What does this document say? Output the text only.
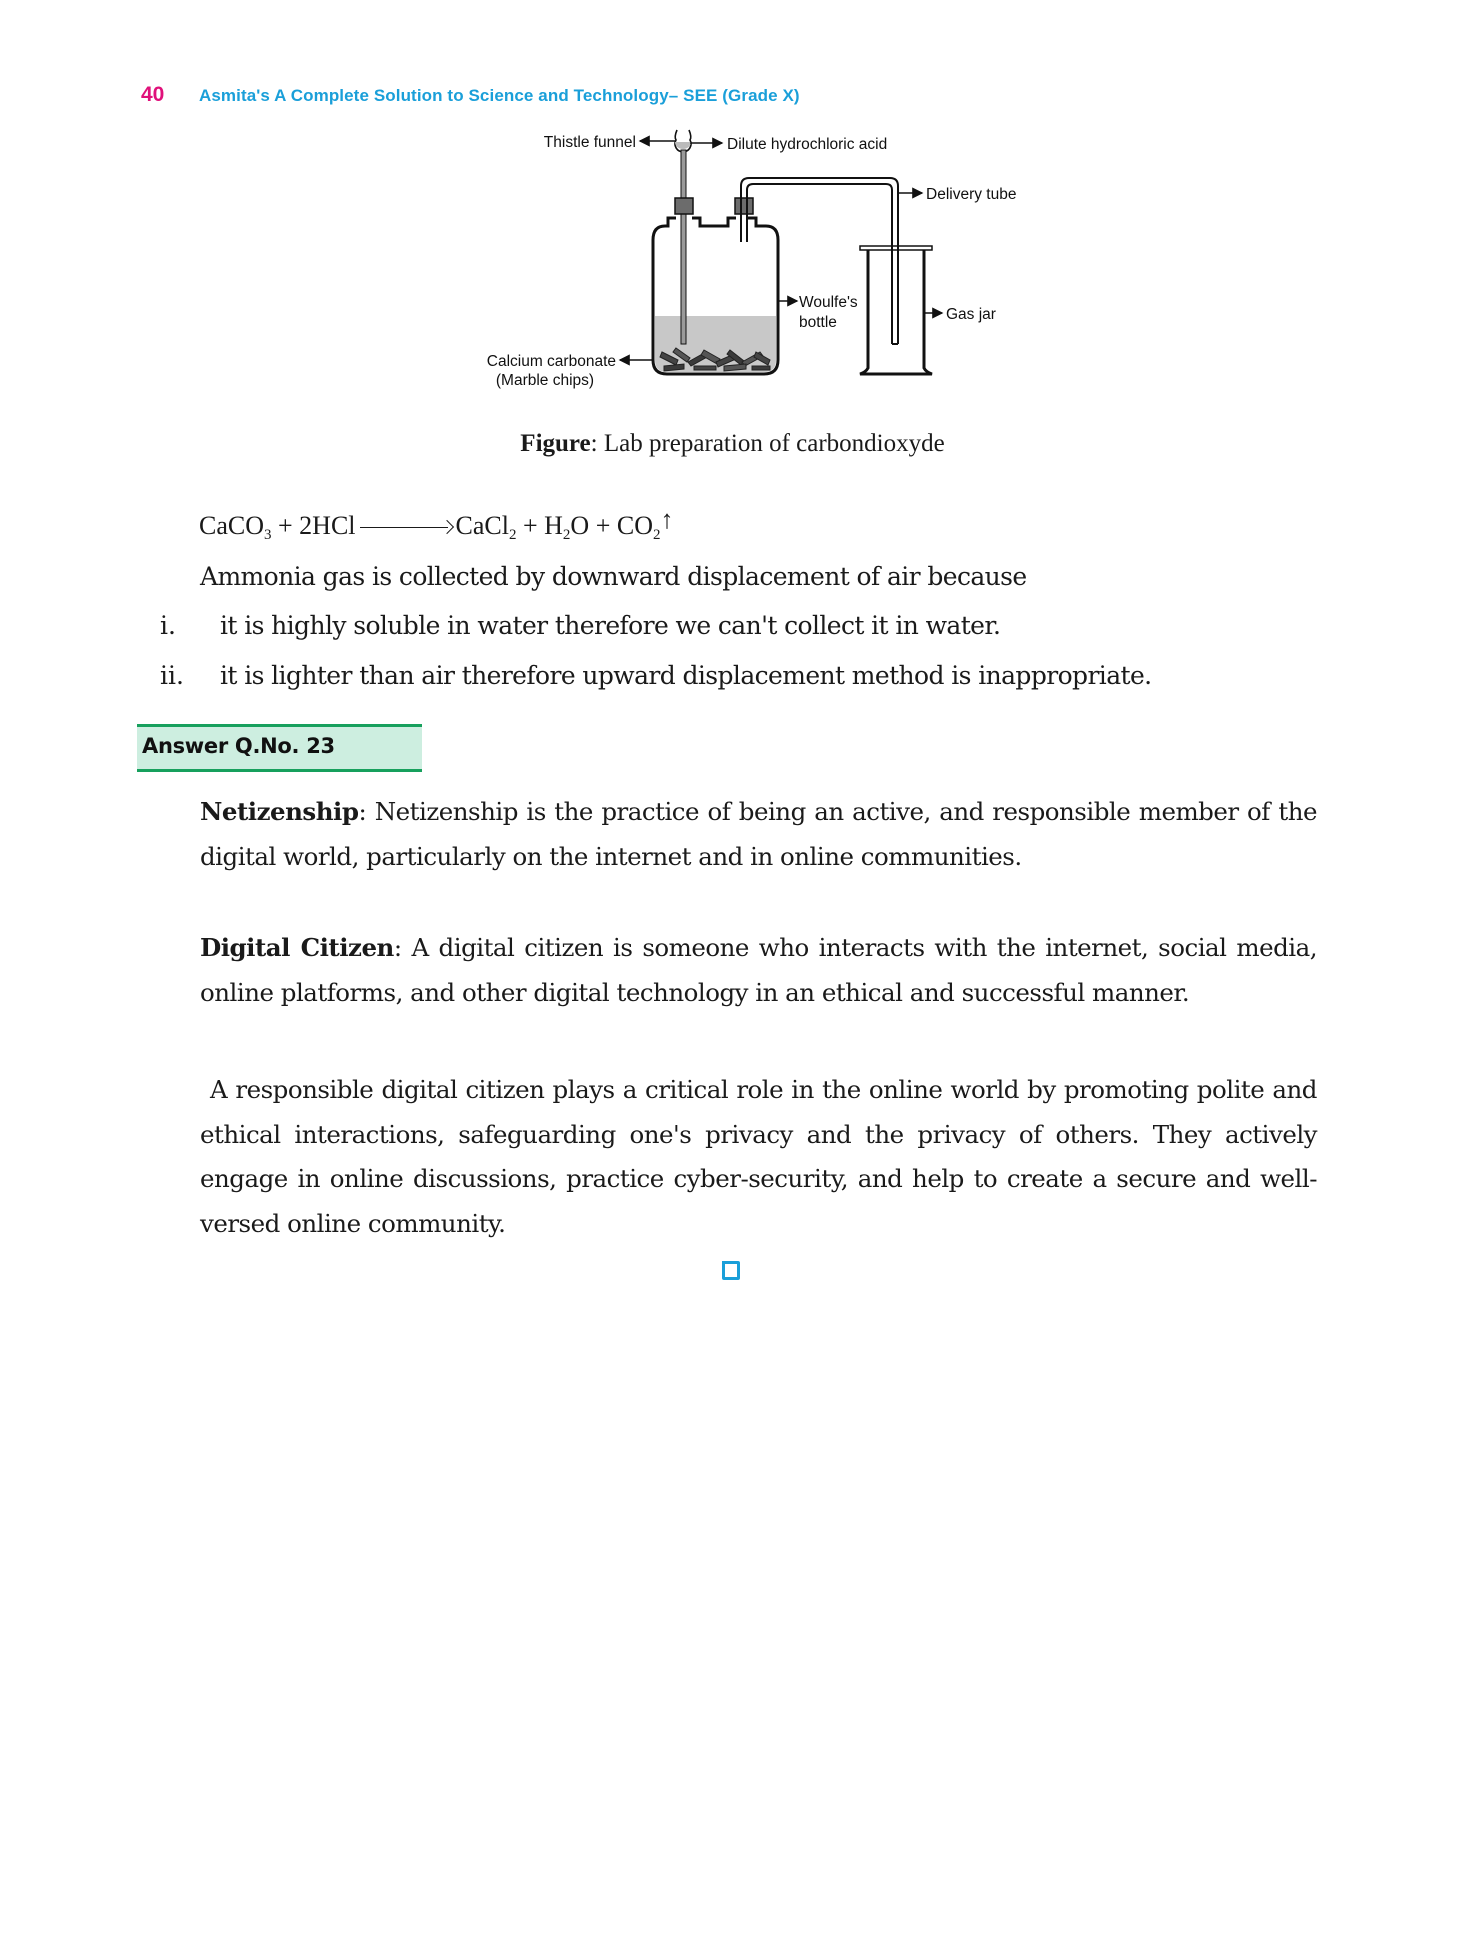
40 Asmita's A Complete Solution to Science and Technology– SEE (Grade X)
Thistle funnel	Dilute hydrochloric acid
Delivery tube
Woulfe's
bottle	Gas jar
Calcium carbonate
(Marble chips)
Figure: Lab preparation of carbondioxyde
CaCO$_3$ + 2HCl	CaCl$_2$ + $H_2O$ + $CO_2↑$
Ammonia gas is collected by downward displacement of air because
i. it is highly soluble in water therefore we can't collect it in water.
ii. it is lighter than air therefore upward displacement method is inappropriate.
Answer Q.No. 23
Netizenship: Netizenship is the practice of being an active, and responsible member of the digital world, particularly on the internet and in online communities.
Digital Citizen: A digital citizen is someone who interacts with the internet, social media, online platforms, and other digital technology in an ethical and successful manner.
A responsible digital citizen plays a critical role in the online world by promoting polite and ethical interactions, safeguarding one's privacy and the privacy of others. They actively engage in online discussions, practice cyber-security, and help to create a secure and well-versed online community.
